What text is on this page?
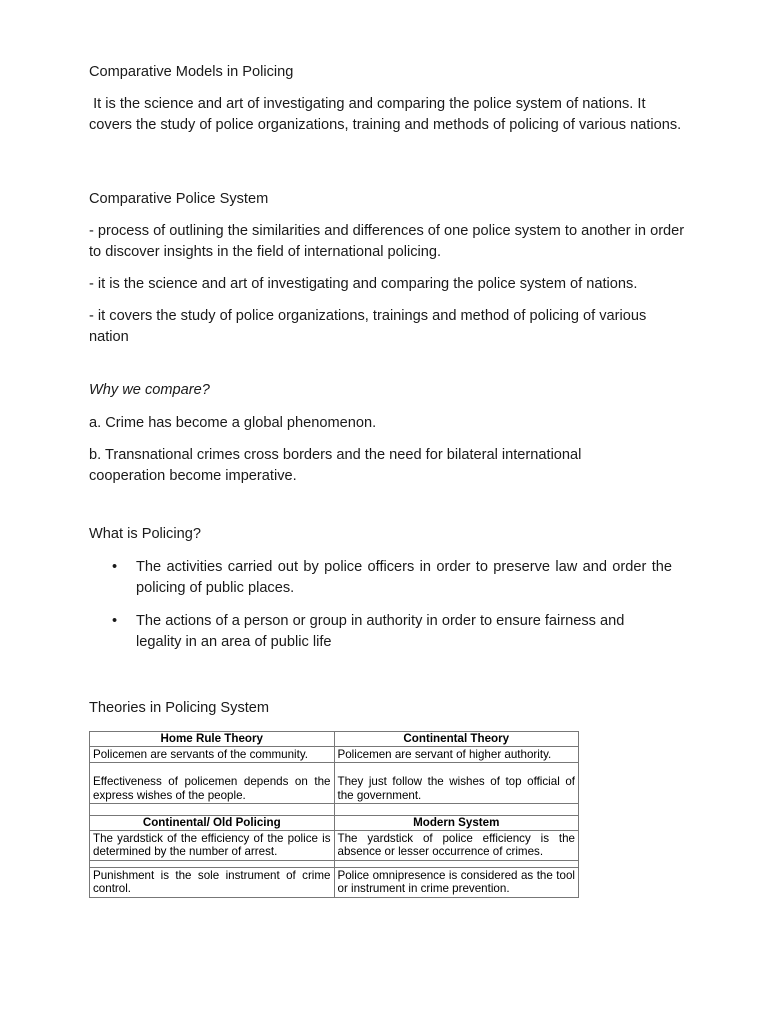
Comparative Models in Policing

It is the science and art of investigating and comparing the police system of nations. It covers the study of police organizations, training and methods of policing of various nations.

Comparative Police System

- process of outlining the similarities and differences of one police system to another in order to discover insights in the field of international policing.

- it is the science and art of investigating and comparing the police system of nations.

- it covers the study of police organizations, trainings and method of policing of various nation

Why we compare?

a. Crime has become a global phenomenon.

b. Transnational crimes cross borders and the need for bilateral international cooperation become imperative.

What is Policing?

•	The activities carried out by police officers in order to preserve law and order the policing of public places.
•	The actions of a person or group in authority in order to ensure fairness and legality in an area of public life

Theories in Policing System

Home Rule Theory	Continental Theory
Policemen are servants of the community.	Policemen are servant of higher authority.
Effectiveness of policemen depends on the express wishes of the people.	They just follow the wishes of top official of the government.

Continental/ Old Policing	Modern System
The yardstick of the efficiency of the police is determined by the number of arrest.	The yardstick of police efficiency is the absence or lesser occurrence of crimes.

Punishment is the sole instrument of crime control.	Police omnipresence is considered as the tool or instrument in crime prevention.
